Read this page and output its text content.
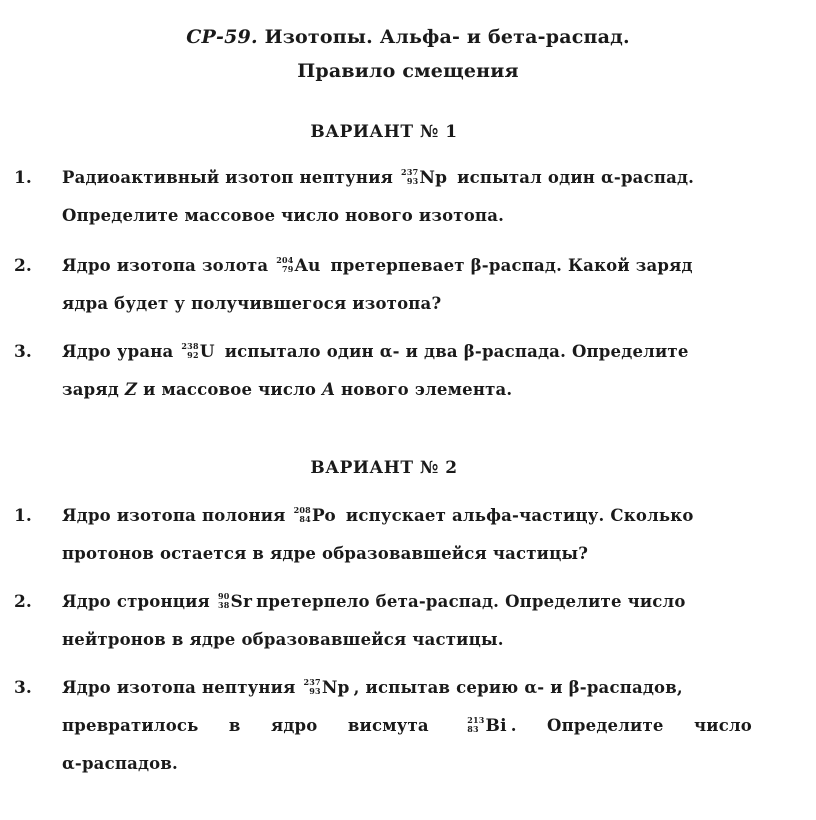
СР-59. Изотопы. Альфа- и бета-распад.
Правило смещения
ВАРИАНТ № 1
1. Радиоактивный изотоп нептуния 237
93 Np испытал один α-распад.
Определите массовое число нового изотопа.
2. Ядро изотопа золота 204
79 Au претерпевает β-распад. Какой заряд
ядра будет у получившегося изотопа?
3. Ядро урана 238
92 U испытало один α- и два β-распада. Определите
заряд Z и массовое число A нового элемента.
ВАРИАНТ № 2
1. Ядро изотопа полония 208
84 Po испускает альфа-частицу. Сколько
протонов остается в ядре образовавшейся частицы?
2. Ядро стронция 90
38 Sr претерпело бета-распад. Определите число
нейтронов в ядре образовавшейся частицы.
3. Ядро изотопа нептуния 237
93 Np , испытав серию α- и β-распадов,
превратилось в ядро висмута	213
83 Bi . Определите число
α-распадов.
